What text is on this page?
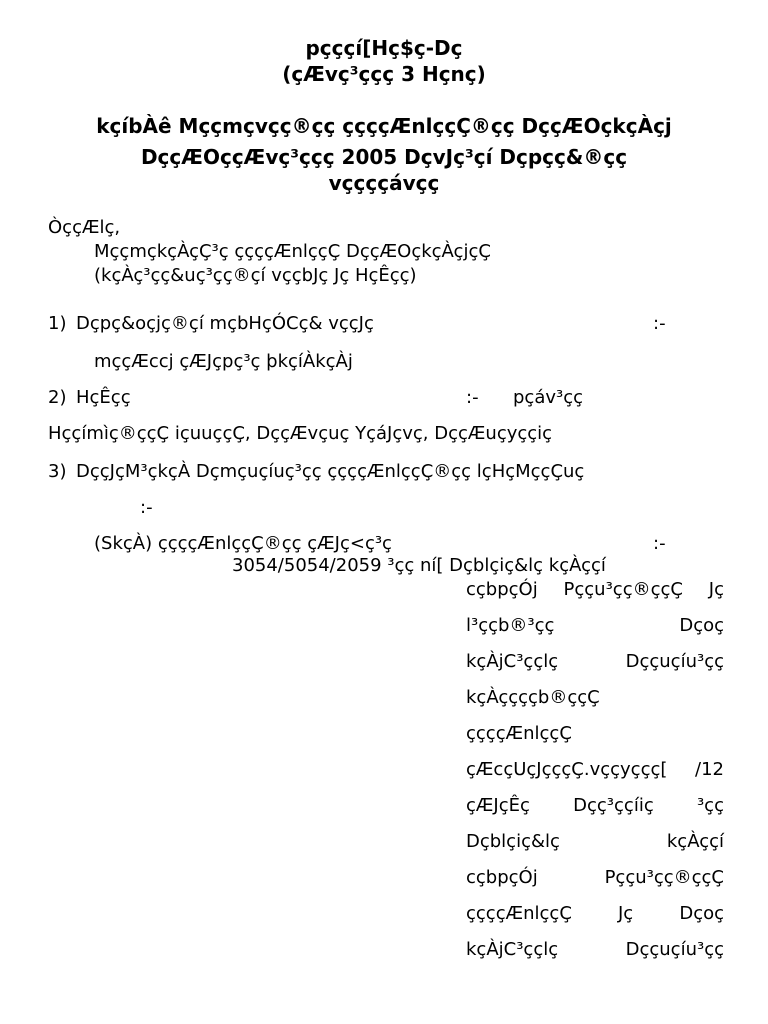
pçççí[Hç$ç-Dç
(çÆvç³ççç 3 Hçnç)
kçíbÀê Mççmçvçç®çç ççççÆnlççÇ®çç DççÆOçkçÀçj
DççÆOççÆvç³ççç 2005 DçvJç³çí Dçpçç&®çç
vççççávçç
ÒççÆlç,
MççmçkçÀçÇ³ç ççççÆnlççÇ DççÆOçkçÀçjçÇ
(kçÀç³çç&uç³çç®çí vççbJç Jç HçÊçç)
1) Dçpç&oçjç®çí mçbHçÓCç& vççJç	:-
mççÆccj çÆJçpç³ç þkçíÀkçÀj
2) HçÊçç	:- pçáv³çç
Hççímìç®ççÇ içuuççÇ, DççÆvçuç YçáJçvç, DççÆuçyççiç
3) DççJçM³çkçÀ Dçmçuçíuç³çç ççççÆnlççÇ®çç lçHçMççÇuç
:-
(SkçÀ) ççççÆnlççÇ®çç çÆJç<ç³ç	:-
3054/5054/2059 ³çç ní[ Dçblçiç&lç kçÀççí
cçbpçÓj Pççu³çç®ççÇ Jç
l³ççb®³çç	Dçoç
kçÀjC³ççlç	Dççuçíu³çç
kçÀççççb®ççÇ
ççççÆnlççÇ
çÆcçUçJçççÇ.vççyççç[ /12
çÆJçÊç Dçç³ççíiç ³çç
Dçblçiç&lç	kçÀççí
cçbpçÓj	Pççu³çç®ççÇ
ççççÆnlççÇ	Jç	Dçoç
kçÀjC³ççlç	Dççuçíu³çç
